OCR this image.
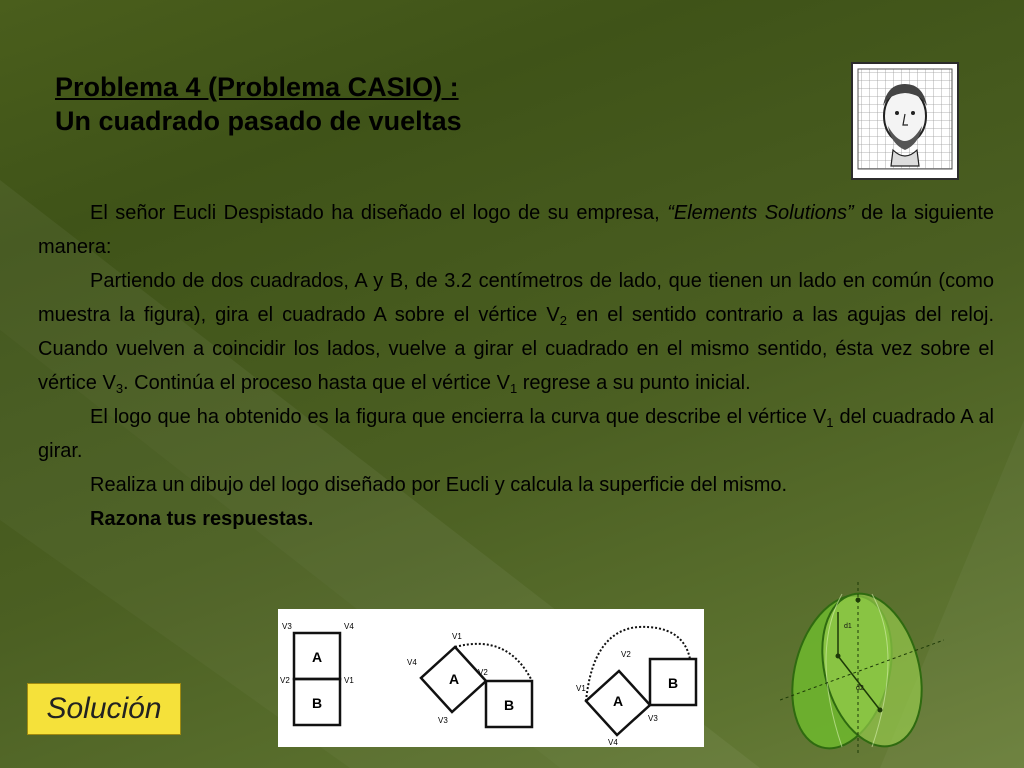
Problema 4 (Problema CASIO) :
Un cuadrado pasado de vueltas

El señor Eucli Despistado ha diseñado el logo de su empresa, “Elements Solutions” de la siguiente manera:

Partiendo de dos cuadrados, A y B, de 3.2 centímetros de lado, que tienen un lado en común (como muestra la figura), gira el cuadrado A sobre el vértice $V_2$ en el sentido contrario a las agujas del reloj. Cuando vuelven a coincidir los lados, vuelve a girar el cuadrado en el mismo sentido, ésta vez sobre el vértice $V_3$. Continúa el proceso hasta que el vértice $V_1$ regrese a su punto inicial.

El logo que ha obtenido es la figura que encierra la curva que describe el vértice $V_1$ del cuadrado A al girar.

Realiza un dibujo del logo diseñado por Eucli y calcula la superficie del mismo.

Razona tus respuestas.

A
B
V3	V4
V2	V1	A
B
V1
V4
V2
V3
A
B
V1
V2
V3
V4
d1
d2
Solución
